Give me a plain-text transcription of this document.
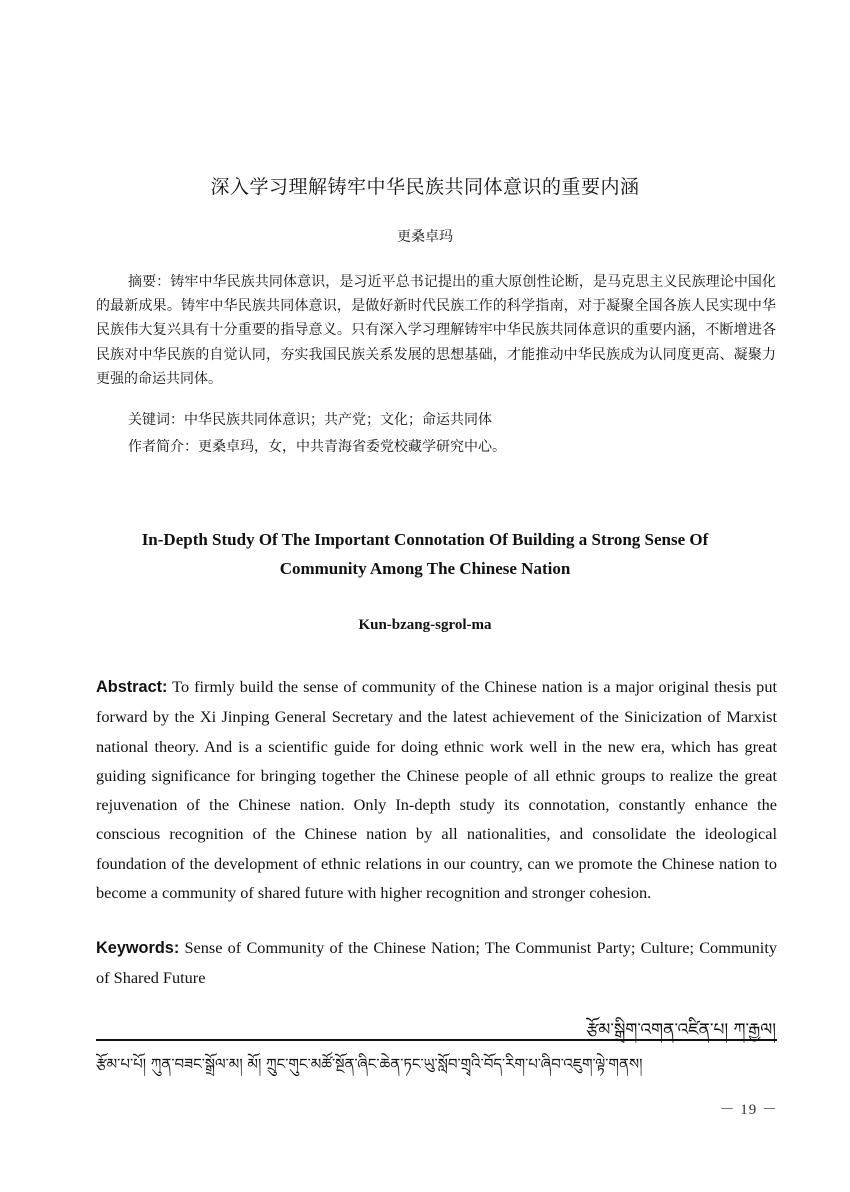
深入学习理解铸牢中华民族共同体意识的重要内涵
更桑卓玛

摘要：铸牢中华民族共同体意识，是习近平总书记提出的重大原创性论断，是马克思主义民族理论中国化的最新成果。铸牢中华民族共同体意识，是做好新时代民族工作的科学指南，对于凝聚全国各族人民实现中华民族伟大复兴具有十分重要的指导意义。只有深入学习理解铸牢中华民族共同体意识的重要内涵，不断增进各民族对中华民族的自觉认同，夯实我国民族关系发展的思想基础，才能推动中华民族成为认同度更高、凝聚力更强的命运共同体。

关键词：中华民族共同体意识；共产党；文化；命运共同体
作者简介：更桑卓玛，女，中共青海省委党校藏学研究中心。
In-Depth Study Of The Important Connotation Of Building a Strong Sense Of
Community Among The Chinese Nation
Kun-bzang-sgrol-ma

Abstract: To firmly build the sense of community of the Chinese nation is a major original thesis put forward by the Xi Jinping General Secretary and the latest achievement of the Sinicization of Marxist national theory. And is a scientific guide for doing ethnic work well in the new era, which has great guiding significance for bringing together the Chinese people of all ethnic groups to realize the great rejuvenation of the Chinese nation. Only In-depth study its connotation, constantly enhance the conscious recognition of the Chinese nation by all nationalities, and consolidate the ideological foundation of the development of ethnic relations in our country, can we promote the Chinese nation to become a community of shared future with higher recognition and stronger cohesion.

Keywords: Sense of Community of the Chinese Nation; The Communist Party; Culture; Community of Shared Future

རྩོམ་སྒྲིག་འགན་འཛིན་པ། ཀ་རྒྱལ།
རྩོམ་པ་པོ། ཀུན་བཟང་སྒྲོལ་མ། མོ། ཀྲུང་གུང་མཚོ་སྔོན་ཞིང་ཆེན་ཏང་ཡུ་སློབ་གྲྭའི་བོད་རིག་པ་ཞིབ་འཇུག་ལྟེ་གནས།
－ 19 －
